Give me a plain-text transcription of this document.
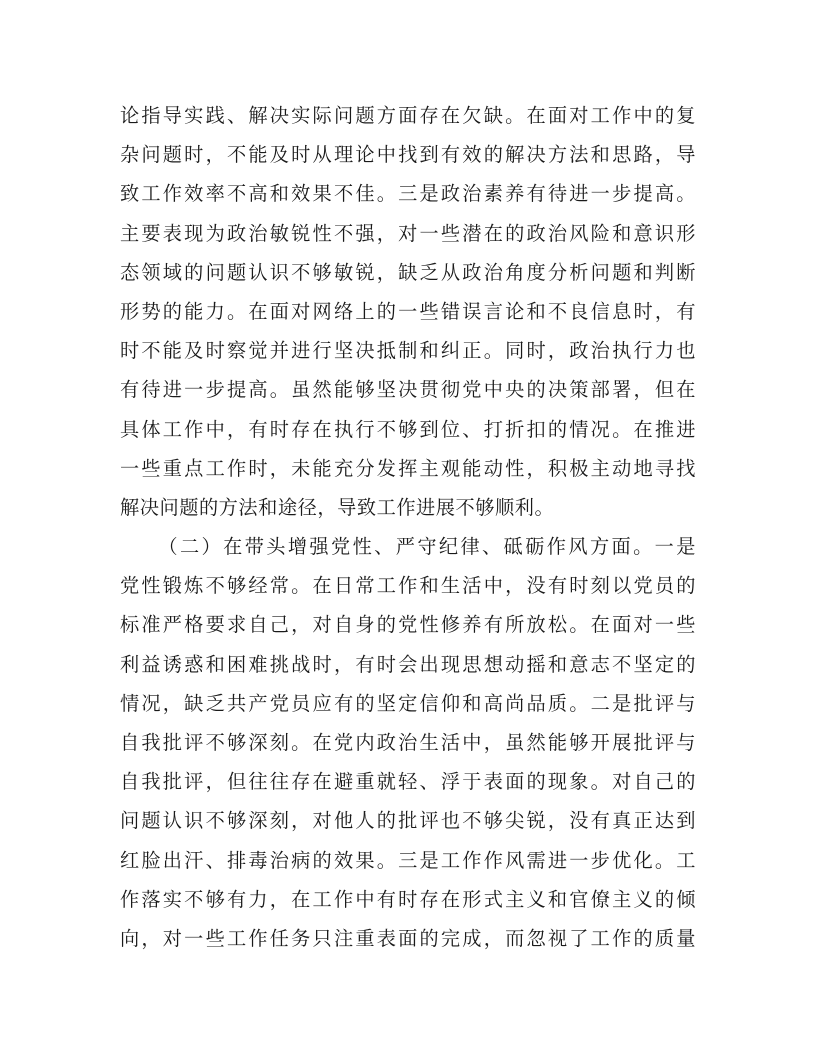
论指导实践、解决实际问题方面存在欠缺。在面对工作中的复
杂问题时，不能及时从理论中找到有效的解决方法和思路，导
致工作效率不高和效果不佳。三是政治素养有待进一步提高。
主要表现为政治敏锐性不强，对一些潜在的政治风险和意识形
态领域的问题认识不够敏锐，缺乏从政治角度分析问题和判断
形势的能力。在面对网络上的一些错误言论和不良信息时，有
时不能及时察觉并进行坚决抵制和纠正。同时，政治执行力也
有待进一步提高。虽然能够坚决贯彻党中央的决策部署，但在
具体工作中，有时存在执行不够到位、打折扣的情况。在推进
一些重点工作时，未能充分发挥主观能动性，积极主动地寻找
解决问题的方法和途径，导致工作进展不够顺利。
（二）在带头增强党性、严守纪律、砥砺作风方面。一是
党性锻炼不够经常。在日常工作和生活中，没有时刻以党员的
标准严格要求自己，对自身的党性修养有所放松。在面对一些
利益诱惑和困难挑战时，有时会出现思想动摇和意志不坚定的
情况，缺乏共产党员应有的坚定信仰和高尚品质。二是批评与
自我批评不够深刻。在党内政治生活中，虽然能够开展批评与
自我批评，但往往存在避重就轻、浮于表面的现象。对自己的
问题认识不够深刻，对他人的批评也不够尖锐，没有真正达到
红脸出汗、排毒治病的效果。三是工作作风需进一步优化。工
作落实不够有力，在工作中有时存在形式主义和官僚主义的倾
向，对一些工作任务只注重表面的完成，而忽视了工作的质量
